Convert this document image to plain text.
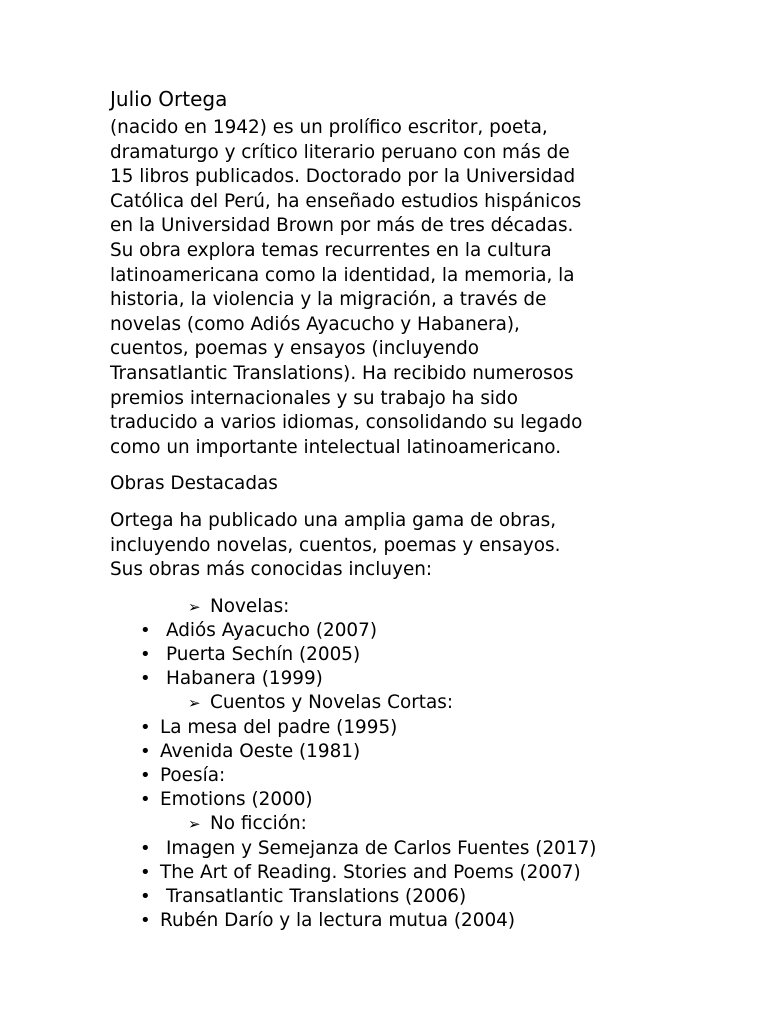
Julio Ortega
(nacido en 1942) es un prolífico escritor, poeta,
dramaturgo y crítico literario peruano con más de
15 libros publicados. Doctorado por la Universidad
Católica del Perú, ha enseñado estudios hispánicos
en la Universidad Brown por más de tres décadas.
Su obra explora temas recurrentes en la cultura
latinoamericana como la identidad, la memoria, la
historia, la violencia y la migración, a través de
novelas (como Adiós Ayacucho y Habanera),
cuentos, poemas y ensayos (incluyendo
Transatlantic Translations). Ha recibido numerosos
premios internacionales y su trabajo ha sido
traducido a varios idiomas, consolidando su legado
como un importante intelectual latinoamericano.
Obras Destacadas
Ortega ha publicado una amplia gama de obras,
incluyendo novelas, cuentos, poemas y ensayos.
Sus obras más conocidas incluyen:
➢ Novelas:
• Adiós Ayacucho (2007)
• Puerta Sechín (2005)
• Habanera (1999)
➢ Cuentos y Novelas Cortas:
• La mesa del padre (1995)
• Avenida Oeste (1981)
• Poesía:
• Emotions (2000)
➢ No ficción:
• Imagen y Semejanza de Carlos Fuentes (2017)
• The Art of Reading. Stories and Poems (2007)
• Transatlantic Translations (2006)
• Rubén Darío y la lectura mutua (2004)
